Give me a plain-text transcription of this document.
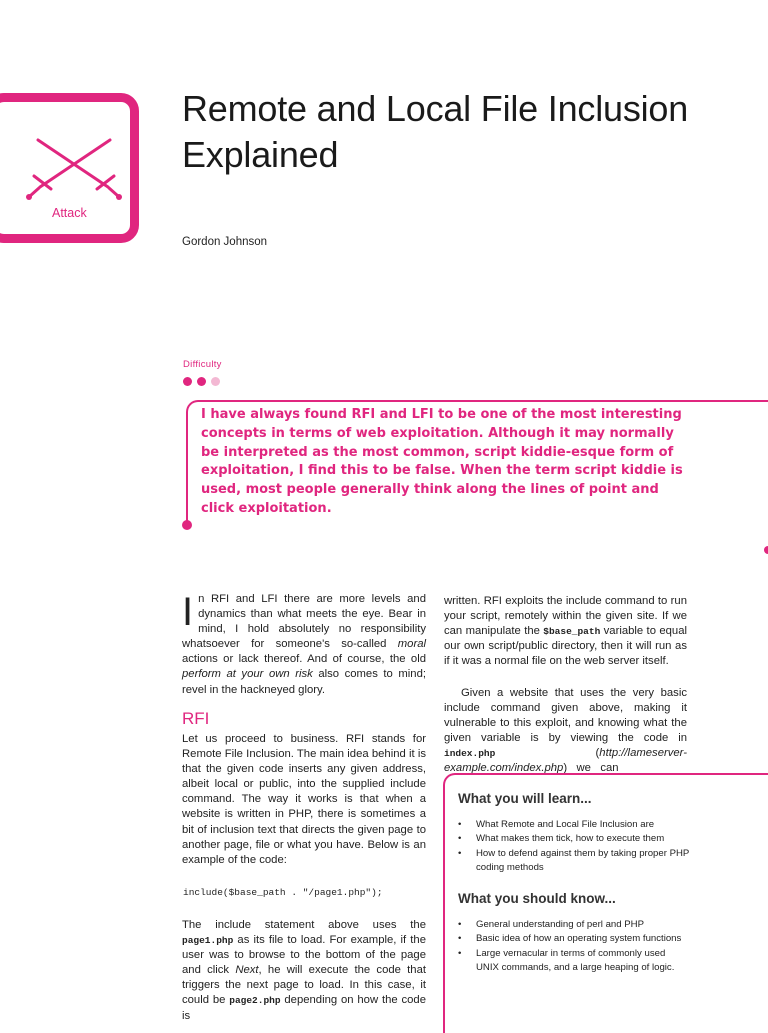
Attack
Remote and Local File Inclusion Explained
Gordon Johnson
Difficulty

I have always found RFI and LFI to be one of the most interesting concepts in terms of web exploitation. Although it may normally be interpreted as the most common, script kiddie-esque form of exploitation, I find this to be false. When the term script kiddie is used, most people generally think along the lines of point and click exploitation.

In RFI and LFI there are more levels and dynamics than what meets the eye. Bear in mind, I hold absolutely no responsibility whatsoever for someone's so-called moral actions or lack thereof. And of course, the old perform at your own risk also comes to mind; revel in the hackneyed glory.

RFI

Let us proceed to business. RFI stands for Remote File Inclusion. The main idea behind it is that the given code inserts any given address, albeit local or public, into the supplied include command. The way it works is that when a website is written in PHP, there is sometimes a bit of inclusion text that directs the given page to another page, file or what you have. Below is an example of the code:

include($base_path . "/page1.php");

The include statement above uses the page1.php as its file to load. For example, if the user was to browse to the bottom of the page and click Next, he will execute the code that triggers the next page to load. In this case, it could be page2.php depending on how the code is

written. RFI exploits the include command to run your script, remotely within the given site. If we can manipulate the $base_path variable to equal our own script/public directory, then it will run as if it was a normal file on the web server itself.

Given a website that uses the very basic include command given above, making it vulnerable to this exploit, and knowing what the given variable is by viewing the code in index.php (http://lameserver-example.com/index.php)   we   can

What you will learn...
• What Remote and Local File Inclusion are
• What makes them tick, how to execute them
• How to defend against them by taking proper PHP coding methods
What you should know...
• General understanding of perl and PHP
• Basic idea of how an operating system functions
• Large vernacular in terms of commonly used UNIX commands, and a large heaping of logic.
